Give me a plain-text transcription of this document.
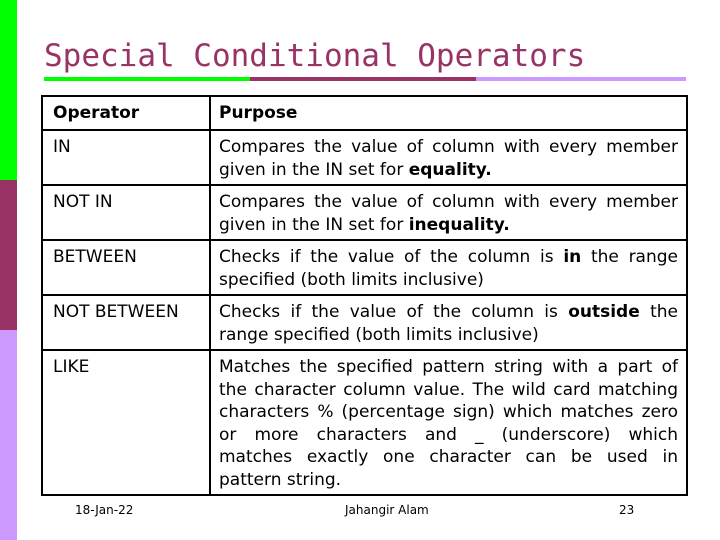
Special Conditional Operators
Operator	Purpose
IN	Compares the value of column with every member given in the IN set for equality.
NOT IN	Compares the value of column with every member given in the IN set for inequality.
BETWEEN	Checks if the value of the column is in the range specified (both limits inclusive)
NOT BETWEEN	Checks if the value of the column is outside the range specified (both limits inclusive)
LIKE	Matches the specified pattern string with a part of the character column value. The wild card matching characters % (percentage sign) which matches zero or more characters and _ (underscore) which matches exactly one character can be used in pattern string.
18-Jan-22	Jahangir Alam	23
